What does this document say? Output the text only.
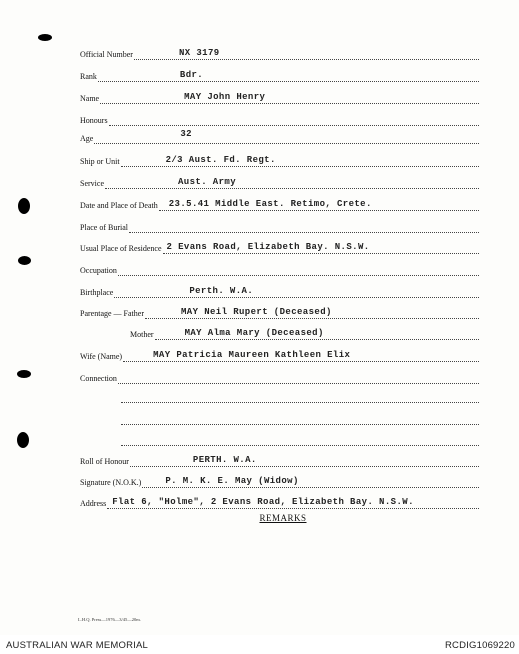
Official Number	NX 3179
Rank	Bdr.
Name	MAY John Henry
Honours
Age	32
Ship or Unit	2/3 Aust. Fd. Regt.
Service	Aust. Army
Date and Place of Death 23.5.41 Middle East. Retimo, Crete.
Place of Burial
Usual Place of Residence 2 Evans Road, Elizabeth Bay. N.S.W.
Occupation
Birthplace	Perth. W.A.
Parentage — Father	MAY Neil Rupert (Deceased)
Mother	MAY Alma Mary (Deceased)
Wife (Name)	MAY Patricia Maureen Kathleen Elix
Connection
Roll of Honour	PERTH. W.A.
Signature (N.O.K.)	P. M. K. E. May (Widow)
Address Flat 6, "Holme", 2 Evans Road, Elizabeth Bay. N.S.W.
REMARKS
L.H.Q. Press—1976—3/45—20m.
AUSTRALIAN WAR MEMORIAL	RCDIG1069220
